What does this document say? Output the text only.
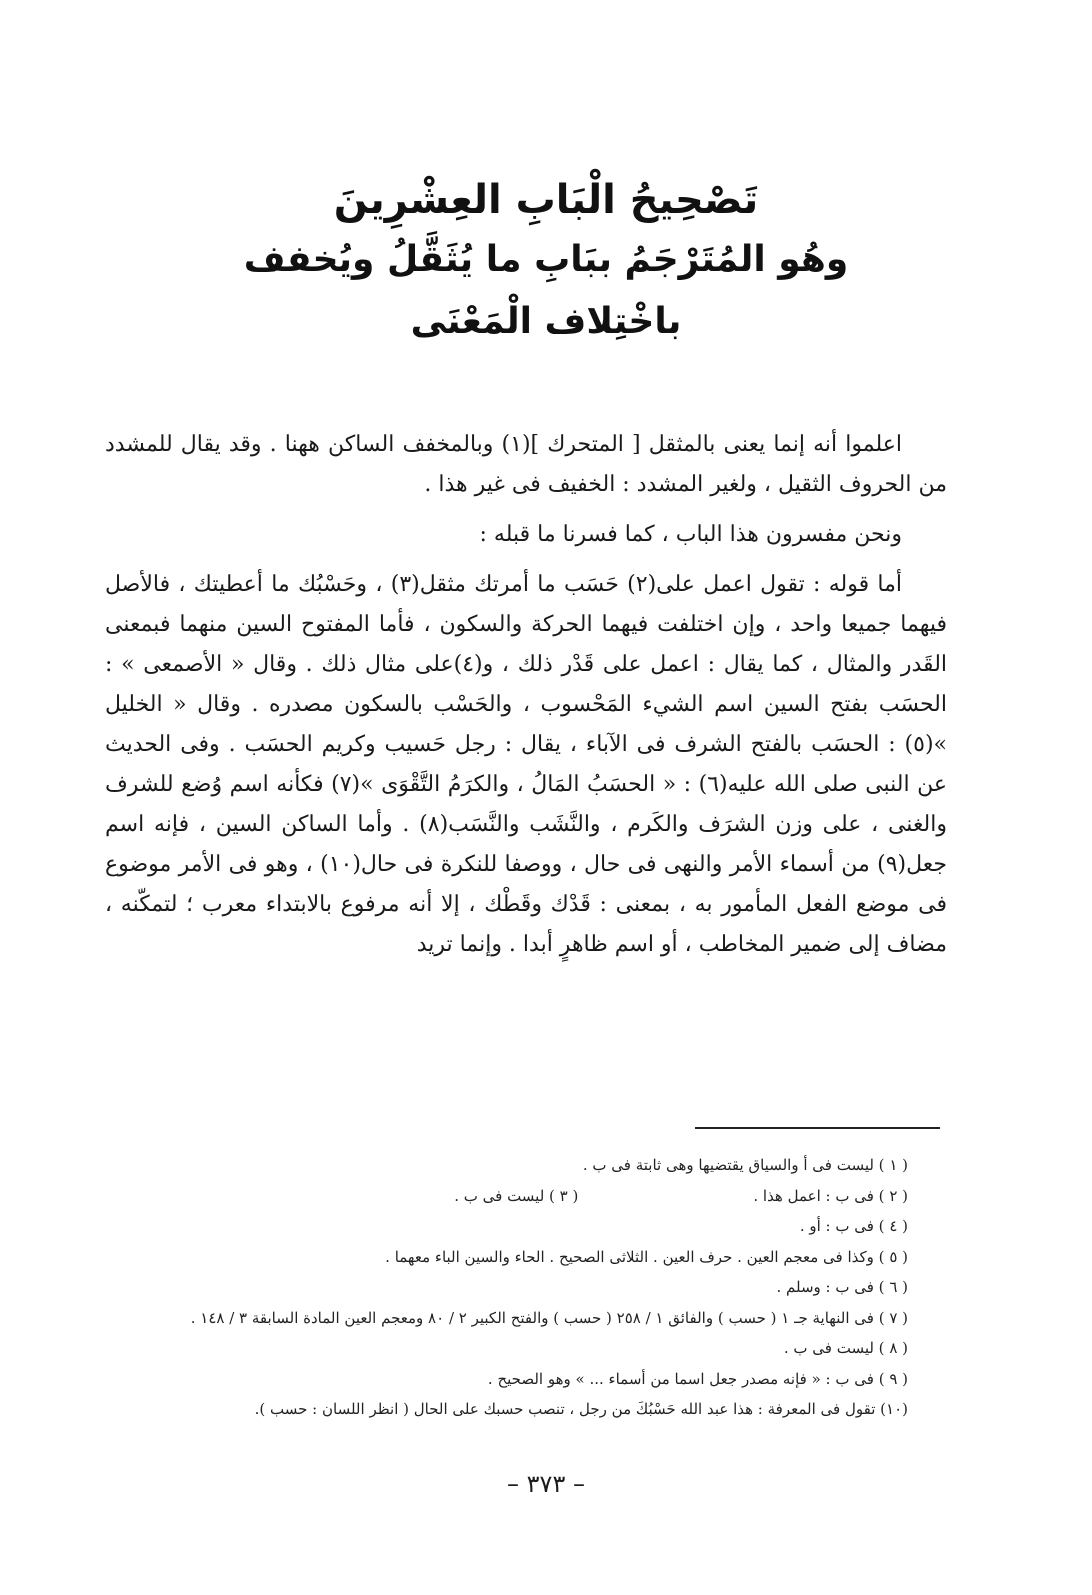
تَصْحِيحُ الْبَابِ العِشْرِينَ

وهُو المُتَرْجَمُ ببَابِ ما يُثَقَّلُ ويُخفف

باخْتِلاف الْمَعْنَى

اعلموا أنه إنما يعنى بالمثقل [ المتحرك ](١) وبالمخفف الساكن ههنا . وقد يقال للمشدد من الحروف الثقيل ، ولغير المشدد : الخفيف فى غير هذا .

ونحن مفسرون هذا الباب ، كما فسرنا ما قبله :

أما قوله : تقول اعمل على(٢) حَسَب ما أمرتك مثقل(٣) ، وحَسْبُك ما أعطيتك ، فالأصل فيهما جميعا واحد ، وإن اختلفت فيهما الحركة والسكون ، فأما المفتوح السين منهما فبمعنى القَدر والمثال ، كما يقال : اعمل على قَدْر ذلك ، و(٤)على مثال ذلك . وقال « الأصمعى » : الحسَب بفتح السين اسم الشيء المَحْسوب ، والحَسْب بالسكون مصدره . وقال « الخليل »(٥) : الحسَب بالفتح الشرف فى الآباء ، يقال : رجل حَسيب وكريم الحسَب . وفى الحديث عن النبى صلى الله عليه(٦) : « الحسَبُ المَالُ ، والكرَمُ التَّقْوَى »(٧) فكأنه اسم وُضع للشرف والغنى ، على وزن الشرَف والكَرم ، والنَّشَب والنَّسَب(٨) . وأما الساكن السين ، فإنه اسم جعل(٩) من أسماء الأمر والنهى فى حال ، ووصفا للنكرة فى حال(١٠) ، وهو فى الأمر موضوع فى موضع الفعل المأمور به ، بمعنى : قَدْك وقَطْك ، إلا أنه مرفوع بالابتداء معرب ؛ لتمكّنه ، مضاف إلى ضمير المخاطب ، أو اسم ظاهرٍ أبدا . وإنما تريد

( ١ ) ليست فى أ والسياق يقتضيها وهى ثابتة فى ب .

( ٢ ) فى ب : اعمل هذا .
( ٣ ) ليست فى ب .

( ٤ ) فى ب : أو .

( ٥ ) وكذا فى معجم العين . حرف العين . الثلاثى الصحيح . الحاء والسين الباء معهما .

( ٦ ) فى ب : وسلم .

( ٧ ) فى النهاية جـ ١ ( حسب ) والفائق ١ / ٢٥٨ ( حسب ) والفتح الكبير ٢ / ٨٠ ومعجم العين المادة السابقة ٣ / ١٤٨ .

( ٨ ) ليست فى ب .

( ٩ ) فى ب : « فإنه مصدر جعل اسما من أسماء ... » وهو الصحيح .

(١٠) تقول فى المعرفة : هذا عبد الله حَسْبُكَ من رجل ، تنصب حسبك على الحال ( انظر اللسان : حسب ).

– ٣٧٣ –
